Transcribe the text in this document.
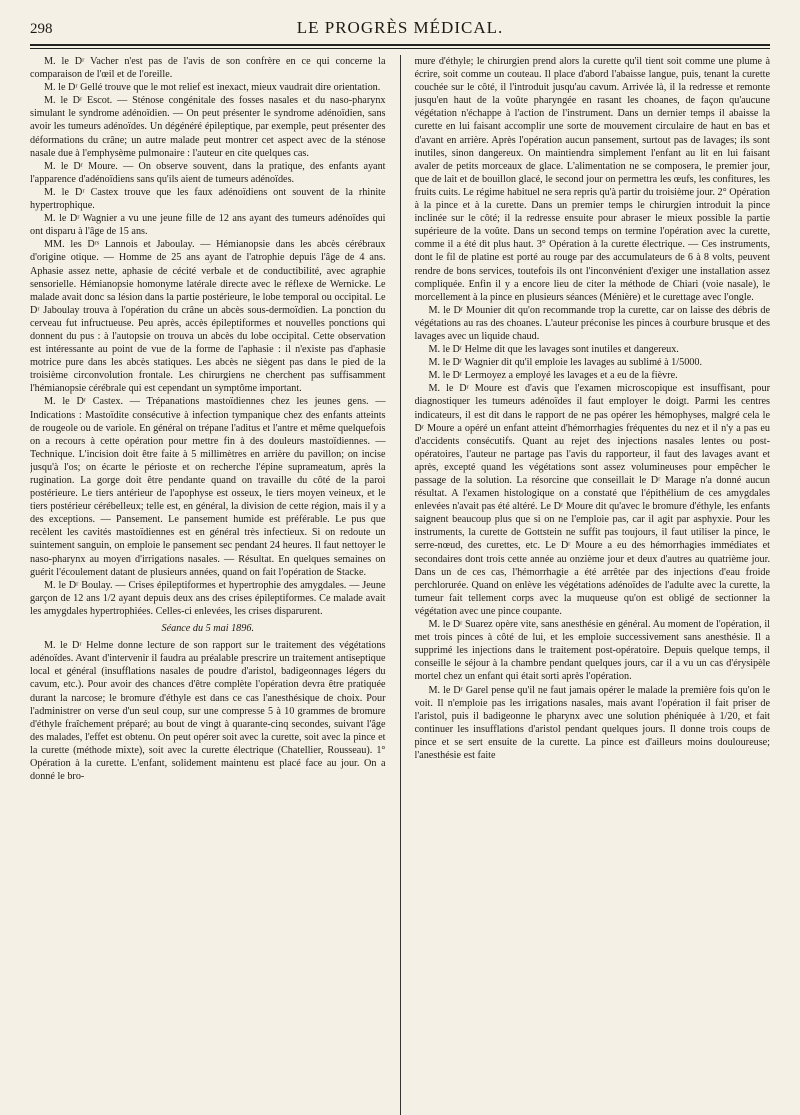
298	LE PROGRÈS MÉDICAL.

M. le Dʳ Vacher n'est pas de l'avis de son confrère en ce qui concerne la comparaison de l'œil et de l'oreille.

M. le Dʳ Gellé trouve que le mot relief est inexact, mieux vaudrait dire orientation.

M. le Dʳ Escot. — Sténose congénitale des fosses nasales et du naso-pharynx simulant le syndrome adénoïdien. — On peut présenter le syndrome adénoïdien, sans avoir les tumeurs adénoïdes. Un dégénéré épileptique, par exemple, peut présenter des déformations du crâne; un autre malade peut montrer cet aspect avec de la sténose nasale due à l'emphysème pulmonaire : l'auteur en cite quelques cas.

M. le Dʳ Moure. — On observe souvent, dans la pratique, des enfants ayant l'apparence d'adénoïdiens sans qu'ils aient de tumeurs adénoïdes.

M. le Dʳ Castex trouve que les faux adénoïdiens ont souvent de la rhinite hypertrophique.

M. le Dʳ Wagnier a vu une jeune fille de 12 ans ayant des tumeurs adénoïdes qui ont disparu à l'âge de 15 ans.

MM. les Dʳˢ Lannois et Jaboulay. — Hémianopsie dans les abcès cérébraux d'origine otique. — Homme de 25 ans ayant de l'atrophie depuis l'âge de 4 ans. Aphasie assez nette, aphasie de cécité verbale et de conductibilité, avec agraphie sensorielle. Hémianopsie homonyme latérale directe avec le réflexe de Wernicke. Le malade avait donc sa lésion dans la partie postérieure, le lobe temporal ou occipital. Le Dʳ Jaboulay trouva à l'opération du crâne un abcès sous-dermoïdien. La ponction du cerveau fut infructueuse. Peu après, accès épileptiformes et nouvelles ponctions qui donnent du pus : à l'autopsie on trouva un abcès du lobe occipital. Cette observation est intéressante au point de vue de la forme de l'aphasie : il n'existe pas d'aphasie motrice pure dans les abcès statiques. Les abcès ne siègent pas dans le pied de la troisième circonvolution frontale. Les chirurgiens ne cherchent pas suffisamment l'hémianopsie cérébrale qui est cependant un symptôme important.

M. le Dʳ Castex. — Trépanations mastoïdiennes chez les jeunes gens. — Indications : Mastoïdite consécutive à infection tympanique chez des enfants atteints de rougeole ou de variole. En général on trépane l'aditus et l'antre et même quelquefois on a recours à cette opération pour mettre fin à des douleurs mastoïdiennes. — Technique. L'incision doit être faite à 5 millimètres en arrière du pavillon; on incise jusqu'à l'os; on écarte le périoste et on recherche l'épine suprameatum, après la rugination. La gorge doit être pendante quand on travaille du côté de la paroi postérieure. Le tiers antérieur de l'apophyse est osseux, le tiers moyen veineux, et le tiers postérieur cérébelleux; telle est, en général, la division de cette région, mais il y a des exceptions. — Pansement. Le pansement humide est préférable. Le pus que recèlent les cavités mastoïdiennes est en général très infectieux. Si on redoute un suintement sanguin, on emploie le pansement sec pendant 24 heures. Il faut nettoyer le naso-pharynx au moyen d'irrigations nasales. — Résultat. En quelques semaines on guérit l'écoulement datant de plusieurs années, quand on fait l'opération de Stacke.

M. le Dʳ Boulay. — Crises épileptiformes et hypertrophie des amygdales. — Jeune garçon de 12 ans 1/2 ayant depuis deux ans des crises épileptiformes. Ce malade avait les amygdales hypertrophiées. Celles-ci enlevées, les crises disparurent.

Séance du 5 mai 1896.

M. le Dʳ Helme donne lecture de son rapport sur le traitement des végétations adénoïdes. Avant d'intervenir il faudra au préalable prescrire un traitement antiseptique local et général (insufflations nasales de poudre d'aristol, badigeonnages légers du cavum, etc.). Pour avoir des chances d'être complète l'opération devra être pratiquée durant la narcose; le bromure d'éthyle est dans ce cas l'anesthésique de choix. Pour l'administrer on verse d'un seul coup, sur une compresse 5 à 10 grammes de bromure d'éthyle fraîchement préparé; au bout de vingt à quarante-cinq secondes, suivant l'âge des malades, l'effet est obtenu. On peut opérer soit avec la curette, soit avec la pince et la curette (méthode mixte), soit avec la curette électrique (Chatellier, Rousseau). 1° Opération à la curette. L'enfant, solidement maintenu est placé face au jour. On a donné le bro-

mure d'éthyle; le chirurgien prend alors la curette qu'il tient soit comme une plume à écrire, soit comme un couteau. Il place d'abord l'abaisse langue, puis, tenant la curette couchée sur le côté, il l'introduit jusqu'au cavum. Arrivée là, il la redresse et remonte jusqu'en haut de la voûte pharyngée en rasant les choanes, de façon qu'aucune végétation n'échappe à l'action de l'instrument. Dans un dernier temps il abaisse la curette en lui faisant accomplir une sorte de mouvement circulaire de haut en bas et d'avant en arrière. Après l'opération aucun pansement, surtout pas de lavages; ils sont inutiles, sinon dangereux. On maintiendra simplement l'enfant au lit en lui faisant avaler de petits morceaux de glace. L'alimentation ne se composera, le premier jour, que de lait et de bouillon glacé, le second jour on permettra les œufs, les confitures, les fruits cuits. Le régime habituel ne sera repris qu'à partir du troisième jour. 2° Opération à la pince et à la curette. Dans un premier temps le chirurgien introduit la pince inclinée sur le côté; il la redresse ensuite pour abraser le mieux possible la partie supérieure de la voûte. Dans un second temps on termine l'opération avec la curette, comme il a été dit plus haut. 3° Opération à la curette électrique. — Ces instruments, dont le fil de platine est porté au rouge par des accumulateurs de 6 à 8 volts, peuvent rendre de bons services, toutefois ils ont l'inconvénient d'exiger une installation assez compliquée. Enfin il y a encore lieu de citer la méthode de Chiari (voie nasale), le morcellement à la pince en plusieurs séances (Ménière) et le curettage avec l'ongle.

M. le Dʳ Mounier dit qu'on recommande trop la curette, car on laisse des débris de végétations au ras des choanes. L'auteur préconise les pinces à courbure brusque et des lavages avec un liquide chaud.

M. le Dʳ Helme dit que les lavages sont inutiles et dangereux.

M. le Dʳ Wagnier dit qu'il emploie les lavages au sublimé à 1/5000.

M. le Dʳ Lermoyez a employé les lavages et a eu de la fièvre.

M. le Dʳ Moure est d'avis que l'examen microscopique est insuffisant, pour diagnostiquer les tumeurs adénoïdes il faut employer le doigt. Parmi les centres indicateurs, il est dit dans le rapport de ne pas opérer les hémophyses, malgré cela le Dʳ Moure a opéré un enfant atteint d'hémorrhagies fréquentes du nez et il n'y a pas eu d'accidents consécutifs. Quant au rejet des injections nasales lentes ou post-opératoires, l'auteur ne partage pas l'avis du rapporteur, il faut des lavages avant et après, excepté quand les végétations sont assez volumineuses pour empêcher le passage de la solution. La résorcine que conseillait le Dʳ Marage n'a donné aucun résultat. A l'examen histologique on a constaté que l'épithélium de ces amygdales enlevées n'avait pas été altéré. Le Dʳ Moure dit qu'avec le bromure d'éthyle, les enfants saignent beaucoup plus que si on ne l'emploie pas, car il agit par asphyxie. Pour les instruments, la curette de Gottstein ne suffit pas toujours, il faut utiliser la pince, le serre-nœud, des curettes, etc. Le Dʳ Moure a eu des hémorrhagies immédiates et secondaires dont trois cette année au onzième jour et deux d'autres au quatrième jour. Dans un de ces cas, l'hémorrhagie a été arrêtée par des injections d'eau froide perchlorurée. Quand on enlève les végétations adénoïdes de l'adulte avec la curette, la tumeur fait tellement corps avec la muqueuse qu'on est obligé de sectionner la végétation avec une pince coupante.

M. le Dʳ Suarez opère vite, sans anesthésie en général. Au moment de l'opération, il met trois pinces à côté de lui, et les emploie successivement sans anesthésie. Il a supprimé les injections dans le traitement post-opératoire. Depuis quelque temps, il conseille le séjour à la chambre pendant quelques jours, car il a vu un cas d'érysipèle mortel chez un enfant qui était sorti après l'opération.

M. le Dʳ Garel pense qu'il ne faut jamais opérer le malade la première fois qu'on le voit. Il n'emploie pas les irrigations nasales, mais avant l'opération il fait priser de l'aristol, puis il badigeonne le pharynx avec une solution phéniquée à 1/20, et fait continuer les insufflations d'aristol pendant quelques jours. Il donne trois coups de pince et se sert ensuite de la curette. La pince est d'ailleurs moins douloureuse; l'anesthésie est faite
